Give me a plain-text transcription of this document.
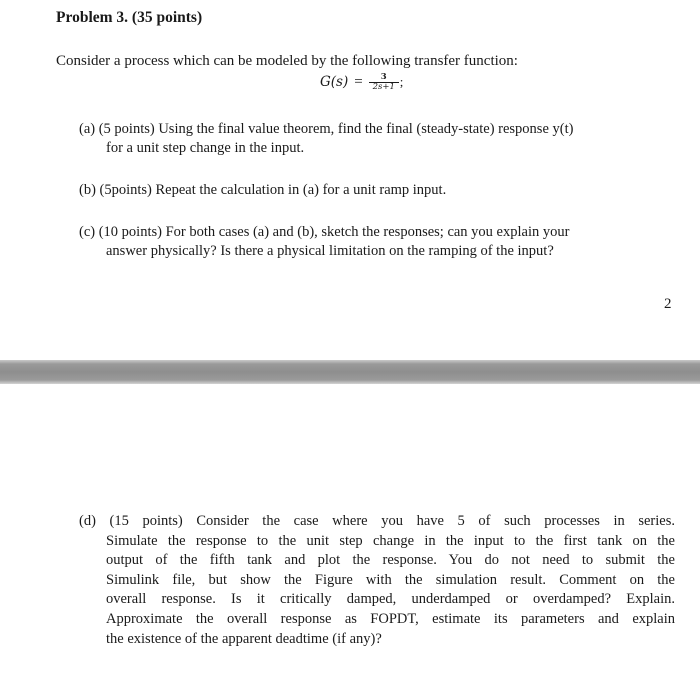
Problem 3. (35 points)
Consider a process which can be modeled by the following transfer function:
$G(s) = \frac{3}{2s+1}$ ;
(a) (5 points) Using the final value theorem, find the final (steady-state) response y(t)
for a unit step change in the input.
(b) (5points) Repeat the calculation in (a) for a unit ramp input.
(c) (10 points) For both cases (a) and (b), sketch the responses; can you explain your
answer physically? Is there a physical limitation on the ramping of the input?
2
(d) (15 points) Consider the case where you have 5 of such processes in series.
Simulate the response to the unit step change in the input to the first tank on the
output of the fifth tank and plot the response. You do not need to submit the
Simulink file, but show the Figure with the simulation result. Comment on the
overall response. Is it critically damped, underdamped or overdamped? Explain.
Approximate the overall response as FOPDT, estimate its parameters and explain
the existence of the apparent deadtime (if any)?
